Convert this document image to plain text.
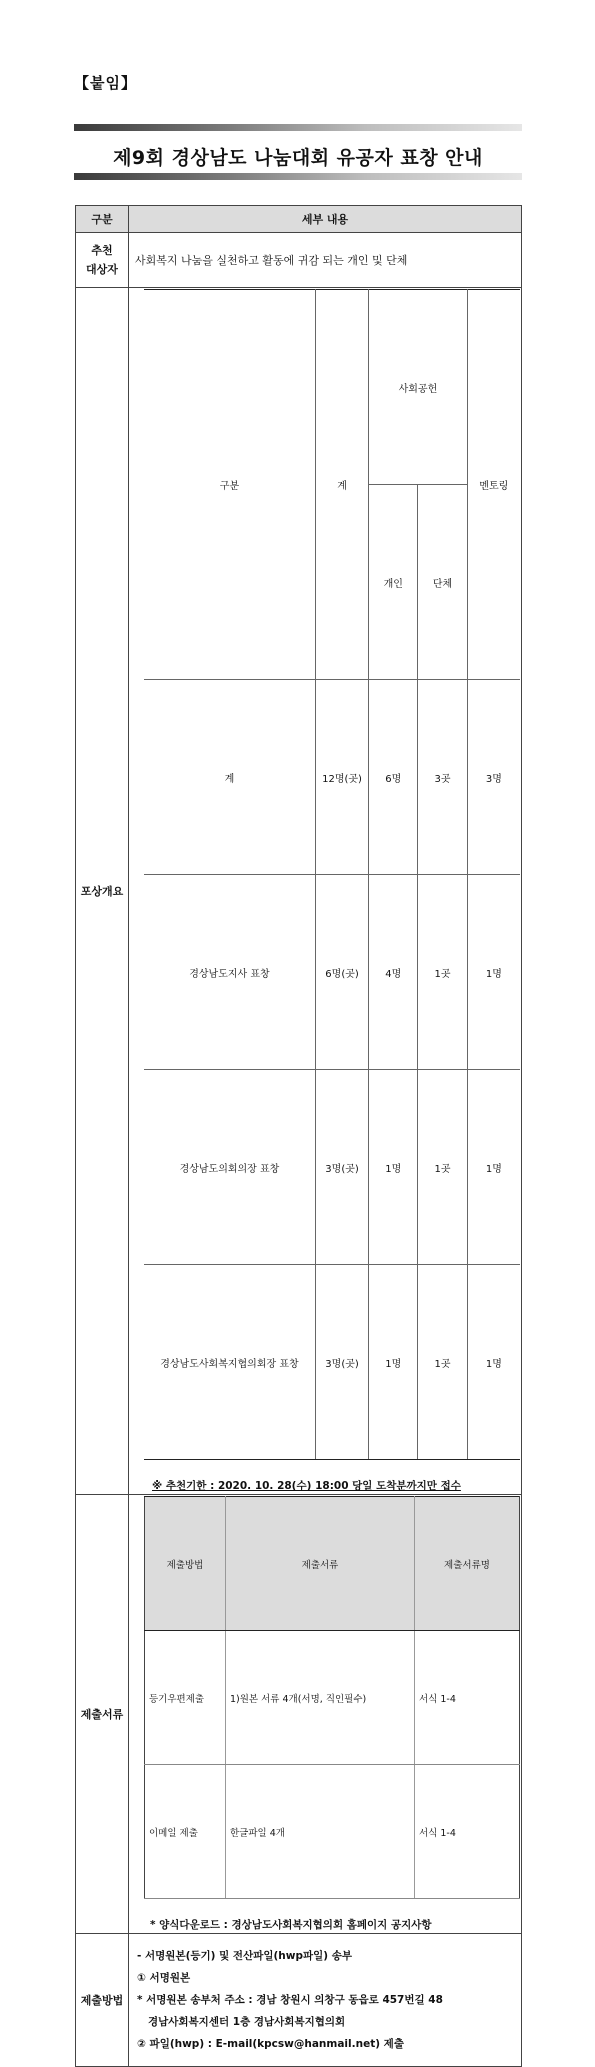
【붙임】
제9회 경상남도 나눔대회 유공자 표창 안내
구분	세부 내용

추천
대상자
	사회복지 나눔을 실천하고 활동에 귀감 되는 개인 및 단체
포상개요	
구분	계	사회공헌	멘토링
개인	단체
계	12명(곳)	6명	3곳	3명
경상남도지사 표창	6명(곳)	4명	1곳	1명
경상남도의회의장 표창	3명(곳)	1명	1곳	1명
경상남도사회복지협의회장 표창	3명(곳)	1명	1곳	1명
※ 추천기한 : 2020. 10. 28(수) 18:00 당일 도착분까지만 접수

제출서류	
제출방법	제출서류	제출서류명
등기우편제출	1)원본 서류 4개(서명, 직인필수)	서식 1-4
이메일 제출	한글파일 4개	서식 1-4
* 양식다운로드 : 경상남도사회복지협의회 홈페이지 공지사항

제출방법	
- 서명원본(등기) 및 전산파일(hwp파일) 송부
① 서명원본
* 서명원본 송부처 주소 : 경남 창원시 의창구 동읍로 457번길 48
경남사회복지센터 1층 경남사회복지협의회
② 파일(hwp) : E-mail(kpcsw@hanmail.net) 제출
